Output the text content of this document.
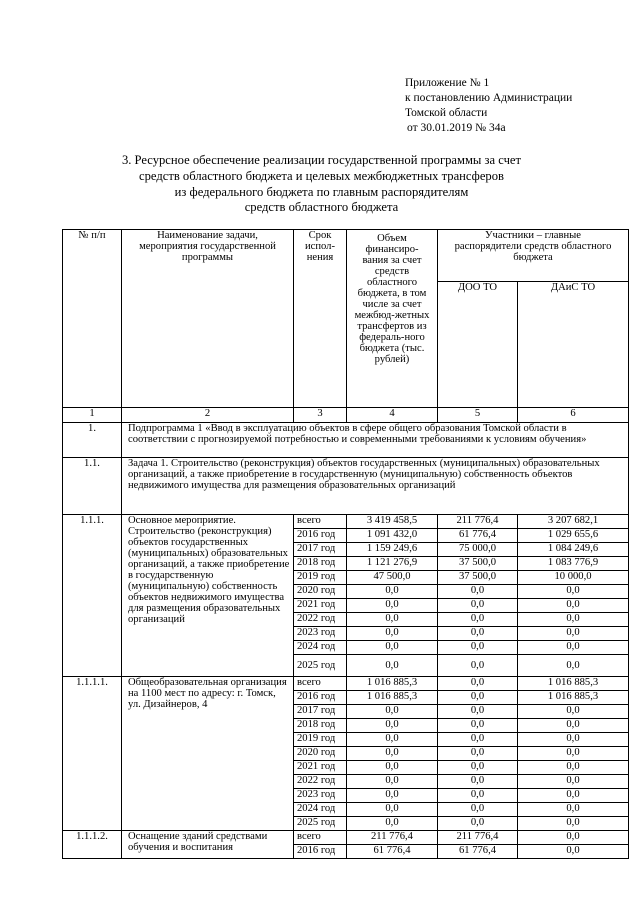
Приложение № 1
к постановлению Администрации
Томской области
от 30.01.2019 № 34а
3. Ресурсное обеспечение реализации государственной программы за счет
средств областного бюджета и целевых межбюджетных трансферов
из федерального бюджета по главным распорядителям
средств областного бюджета
№ п/п	Наименование задачи, мероприятия государственной программы	Срок испол-нения	Объем финансиро-вания за счет средств областного бюджета, в том числе за счет межбюд-жетных трансфертов из федераль-ного бюджета (тыс. рублей)	Участники – главные распорядители средств областного бюджета	
				ДОО ТО	ДАиС ТО
1	2	3	4	5	6
1.	Подпрограмма 1 «Ввод в эксплуатацию объектов в сфере общего образования Томской области в соответствии с прогнозируемой потребностью и современными требованиями к условиям обучения»				
1.1.	Задача 1. Строительство (реконструкция) объектов государственных (муниципальных) образовательных организаций, а также приобретение в государственную (муниципальную) собственность объектов недвижимого имущества для размещения образовательных организаций				
1.1.1.	Основное мероприятие. Строительство (реконструкция) объектов государственных (муниципальных) образовательных организаций, а также приобретение в государственную (муниципальную) собственность объектов недвижимого имущества для размещения образовательных организаций	всего	3 419 458,5	211 776,4	3 207 682,1
		2016 год	1 091 432,0	61 776,4	1 029 655,6
		2017 год	1 159 249,6	75 000,0	1 084 249,6
		2018 год	1 121 276,9	37 500,0	1 083 776,9
		2019 год	47 500,0	37 500,0	10 000,0
		2020 год	0,0	0,0	0,0
		2021 год	0,0	0,0	0,0
		2022 год	0,0	0,0	0,0
		2023 год	0,0	0,0	0,0
		2024 год	0,0	0,0	0,0
		2025 год	0,0	0,0	0,0
1.1.1.1.	Общеобразовательная организация на 1100 мест по адресу: г. Томск, ул. Дизайнеров, 4	всего	1 016 885,3	0,0	1 016 885,3
		2016 год	1 016 885,3	0,0	1 016 885,3
		2017 год	0,0	0,0	0,0
		2018 год	0,0	0,0	0,0
		2019 год	0,0	0,0	0,0
		2020 год	0,0	0,0	0,0
		2021 год	0,0	0,0	0,0
		2022 год	0,0	0,0	0,0
		2023 год	0,0	0,0	0,0
		2024 год	0,0	0,0	0,0
		2025 год	0,0	0,0	0,0
1.1.1.2.	Оснащение зданий средствами обучения и воспитания	всего	211 776,4	211 776,4	0,0
		2016 год	61 776,4	61 776,4	0,0
